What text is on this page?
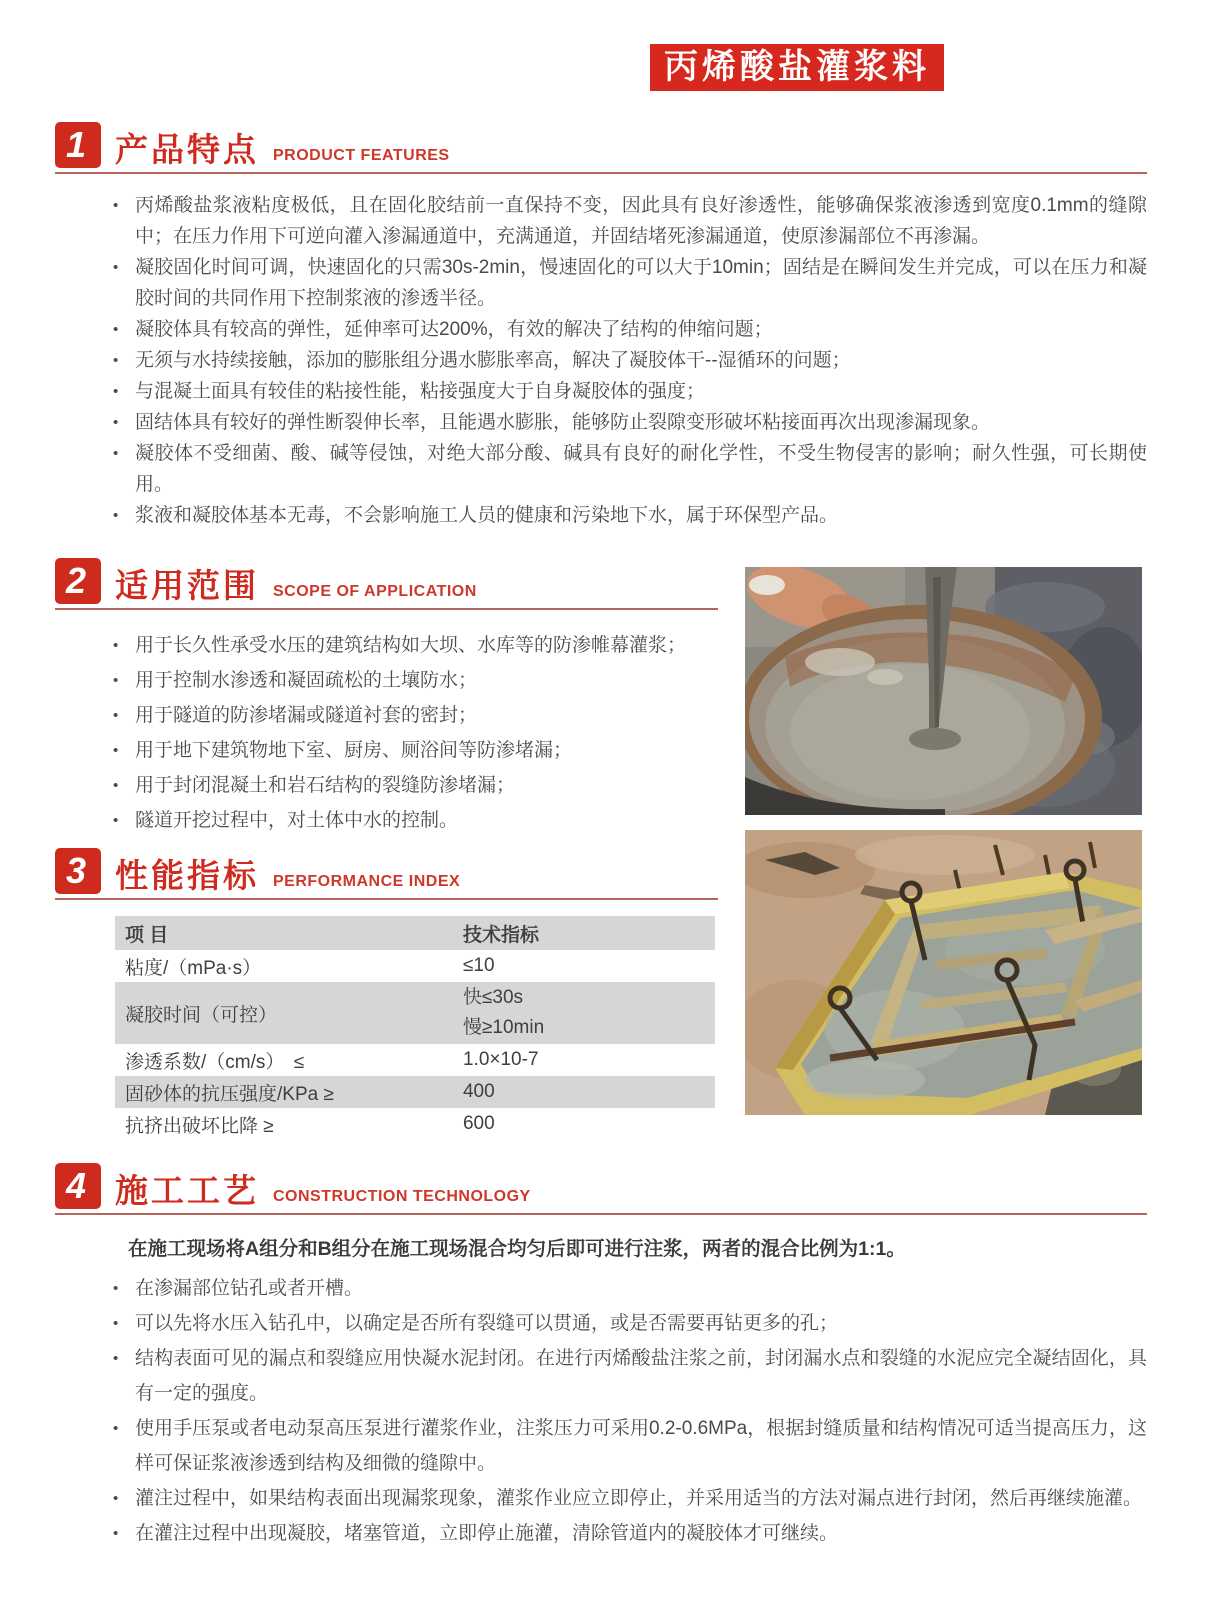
丙烯酸盐灌浆料
1 产品特点 PRODUCT FEATURES
• 丙烯酸盐浆液粘度极低，且在固化胶结前一直保持不变，因此具有良好渗透性，能够确保浆液渗透到宽度0.1mm的缝隙中；在压力作用下可逆向灌入渗漏通道中，充满通道，并固结堵死渗漏通道，使原渗漏部位不再渗漏。
• 凝胶固化时间可调，快速固化的只需30s-2min，慢速固化的可以大于10min；固结是在瞬间发生并完成，可以在压力和凝胶时间的共同作用下控制浆液的渗透半径。
• 凝胶体具有较高的弹性，延伸率可达200%，有效的解决了结构的伸缩问题；
• 无须与水持续接触，添加的膨胀组分遇水膨胀率高，解决了凝胶体干--湿循环的问题；
• 与混凝土面具有较佳的粘接性能，粘接强度大于自身凝胶体的强度；
• 固结体具有较好的弹性断裂伸长率，且能遇水膨胀，能够防止裂隙变形破坏粘接面再次出现渗漏现象。
• 凝胶体不受细菌、酸、碱等侵蚀，对绝大部分酸、碱具有良好的耐化学性，不受生物侵害的影响；耐久性强，可长期使用。
• 浆液和凝胶体基本无毒，不会影响施工人员的健康和污染地下水，属于环保型产品。
2 适用范围 SCOPE OF APPLICATION
• 用于长久性承受水压的建筑结构如大坝、水库等的防渗帷幕灌浆；
• 用于控制水渗透和凝固疏松的土壤防水；
• 用于隧道的防渗堵漏或隧道衬套的密封；
• 用于地下建筑物地下室、厨房、厕浴间等防渗堵漏；
• 用于封闭混凝土和岩石结构的裂缝防渗堵漏；
• 隧道开挖过程中，对土体中水的控制。
3 性能指标 PERFORMANCE INDEX
项 目	技术指标
粘度/（mPa·s）	≤10
凝胶时间（可控）	快≤30s
慢≥10min

渗透系数/（cm/s）　≤	1.0×10-7
固砂体的抗压强度/KPa ≥	400
抗挤出破坏比降 ≥	600
4 施工工艺 CONSTRUCTION TECHNOLOGY

在施工现场将A组分和B组分在施工现场混合均匀后即可进行注浆，两者的混合比例为1:1。

• 在渗漏部位钻孔或者开槽。
• 可以先将水压入钻孔中，以确定是否所有裂缝可以贯通，或是否需要再钻更多的孔；
• 结构表面可见的漏点和裂缝应用快凝水泥封闭。在进行丙烯酸盐注浆之前，封闭漏水点和裂缝的水泥应完全凝结固化，具有一定的强度。
• 使用手压泵或者电动泵高压泵进行灌浆作业，注浆压力可采用0.2-0.6MPa，根据封缝质量和结构情况可适当提高压力，这样可保证浆液渗透到结构及细微的缝隙中。
• 灌注过程中，如果结构表面出现漏浆现象，灌浆作业应立即停止，并采用适当的方法对漏点进行封闭，然后再继续施灌。
• 在灌注过程中出现凝胶，堵塞管道，立即停止施灌，清除管道内的凝胶体才可继续。
